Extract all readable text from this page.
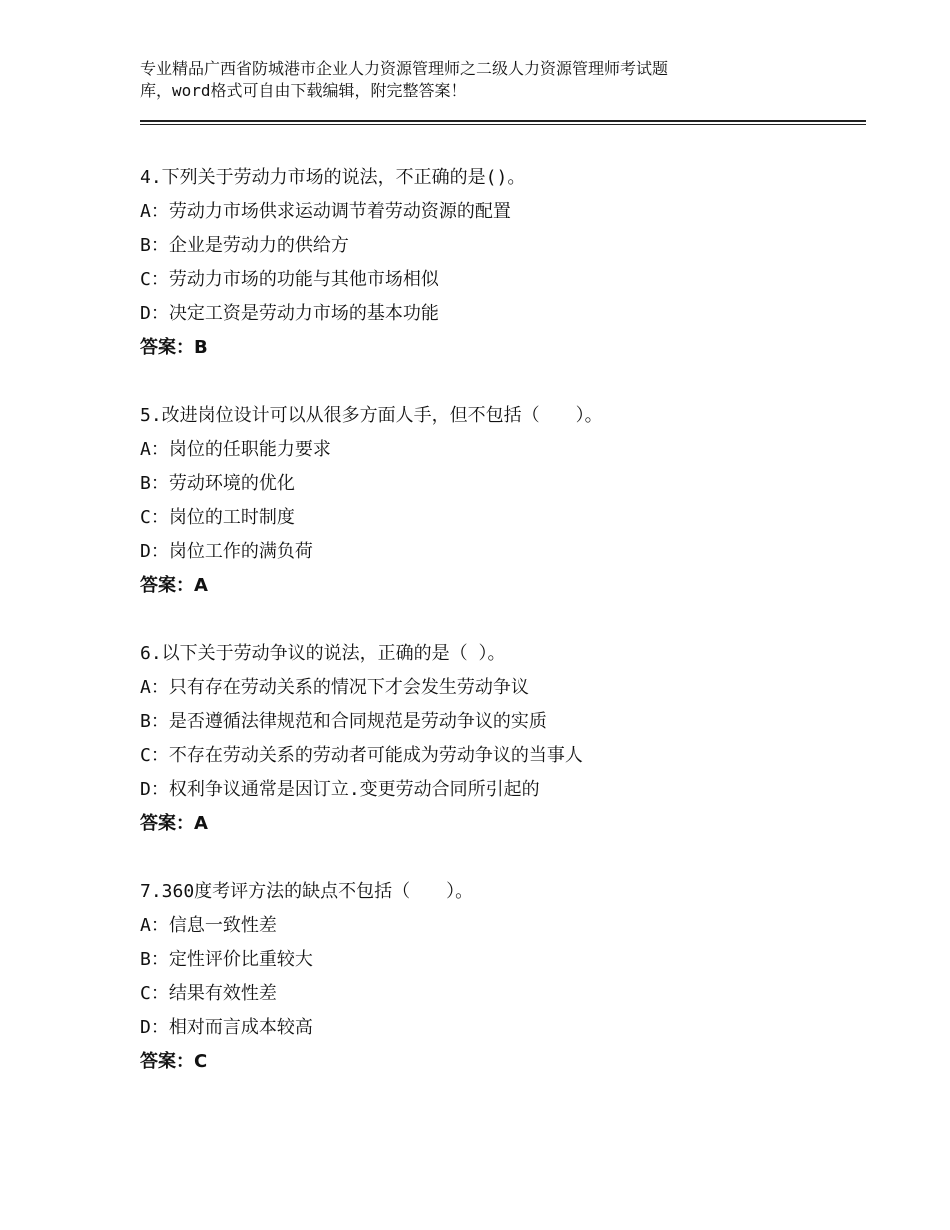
专业精品广西省防城港市企业人力资源管理师之二级人力资源管理师考试题
库，word格式可自由下载编辑，附完整答案！
4.下列关于劳动力市场的说法，不正确的是()。
A：劳动力市场供求运动调节着劳动资源的配置
B：企业是劳动力的供给方
C：劳动力市场的功能与其他市场相似
D：决定工资是劳动力市场的基本功能
答案：B
5.改进岗位设计可以从很多方面人手，但不包括（　　）。
A：岗位的任职能力要求
B：劳动环境的优化
C：岗位的工时制度
D：岗位工作的满负荷
答案：A
6.以下关于劳动争议的说法，正确的是（ ）。
A：只有存在劳动关系的情况下才会发生劳动争议
B：是否遵循法律规范和合同规范是劳动争议的实质
C：不存在劳动关系的劳动者可能成为劳动争议的当事人
D：权利争议通常是因订立.变更劳动合同所引起的
答案：A
7.360度考评方法的缺点不包括（　　）。
A：信息一致性差
B：定性评价比重较大
C：结果有效性差
D：相对而言成本较高
答案：C
